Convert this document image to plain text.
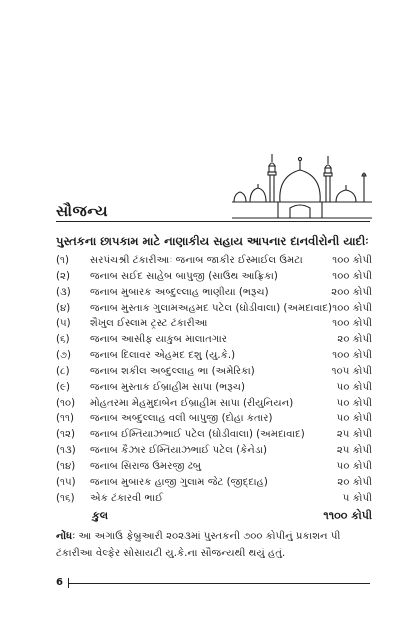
સૌજન્ય
પુસ્તકના છાપકામ માટે નાણાકીય સહાય આપનાર દાનવીરોની યાદીઃ
(૧)	સરપંચશ્રી ટંકારીઆઃ જનાબ જાકીર ઈસ્માઈલ ઉમટા	૧૦૦ કોપી
(૨)	જનાબ સઈદ સાહેબ બાપુજી (સાઉથ આફ્રિકા)	૧૦૦ કોપી
(૩)	જનાબ મુબારક અબ્દુલ્લાહ ભાણીયા (ભરૂચ)	૨૦૦ કોપી
(૪)	જનાબ મુસ્તાક ગુલામઅહમદ પટેલ (ઘોડીવાલા) (અમદાવાદ) ૧૦૦ કોપી
(૫)	શૈખુલ ઈસ્લામ ટ્રસ્ટ ટંકારીઆ	૧૦૦ કોપી
(૬)	જનાબ આસીફ યાકુબ માલાતગાર	૨૦ કોપી
(૭)	જનાબ દિલાવર એહમદ દશુ (યુ.કે.)	૧૦૦ કોપી
(૮)	જનાબ શકીલ અબ્દુલ્લાહ ભા (અમેરિકા)	૧૦૫ કોપી
(૯)	જનાબ મુસ્તાક ઈબ્રાહીમ સાપા (ભરૂચ)	૫૦ કોપી
(૧૦)	મોહતરમા મેહમુદાબેન ઈબ્રાહીમ સાપા (રીયુનિયન)	૫૦ કોપી
(૧૧)	જનાબ અબ્દુલ્લાહ વલી બાપુજી (દોહા કતાર)	૫૦ કોપી
(૧૨)	જનાબ ઈમ્તિયાઝભાઈ પટેલ (ઘોડીવાલા) (અમદાવાદ)	૨૫ કોપી
(૧૩)	જનાબ કૈઝાર ઈમ્તિયાઝભાઈ પટેલ (કેનેડા)	૨૫ કોપી
(૧૪)	જનાબ સિરાજ ઉમરજી ઢબુ	૫૦ કોપી
(૧૫)	જનાબ મુબારક હાજી ગુલામ જેટ (જીદ્દાહ)	૨૦ કોપી
(૧૬)	એક ટંકારવી ભાઈ	૫ કોપી
કુલ	૧૧૦૦ કોપી
નોંધઃ આ અગાઉ ફેબ્રુઆરી ૨૦૨૩માં પુસ્તકની ૭૦૦ કોપીનું પ્રકાશન પી ટંકારીઆ વેલ્ફેર સોસાયટી યુ.કે.ના સૌજન્યથી થયું હતું.
6
